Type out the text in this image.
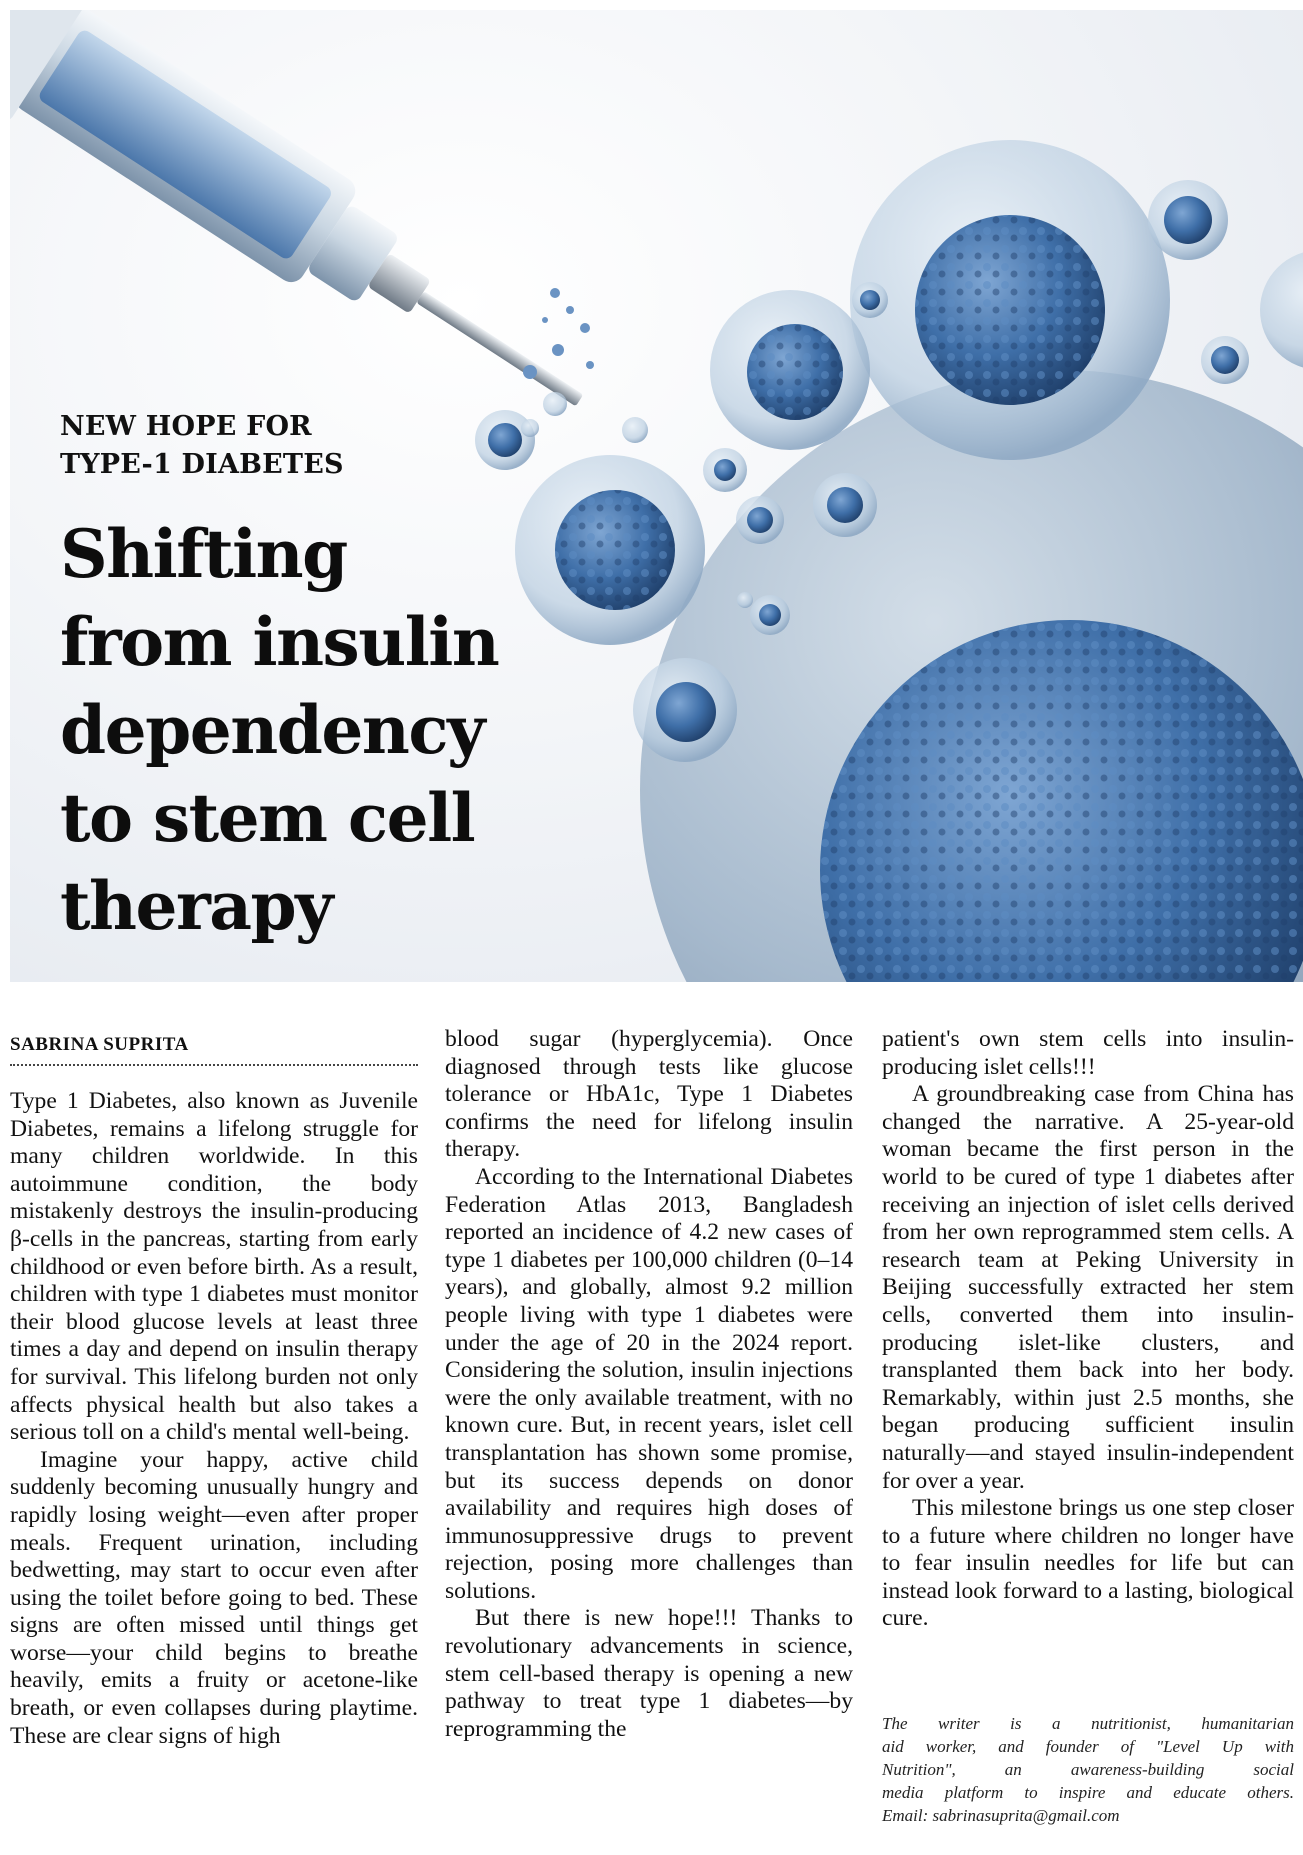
NEW HOPE FOR
TYPE-1 DIABETES
Shifting
from insulin
dependency
to stem cell
therapy
SABRINA SUPRITA

Type 1 Diabetes, also known as Juvenile Diabetes, remains a lifelong struggle for many children worldwide. In this autoimmune condition, the body mistakenly destroys the insulin-producing β-cells in the pancreas, starting from early childhood or even before birth. As a result, children with type 1 diabetes must monitor their blood glucose levels at least three times a day and depend on insulin therapy for survival. This lifelong burden not only affects physical health but also takes a serious toll on a child's mental well-being.

Imagine your happy, active child suddenly becoming unusually hungry and rapidly losing weight—even after proper meals. Frequent urination, including bedwetting, may start to occur even after using the toilet before going to bed. These signs are often missed until things get worse—your child begins to breathe heavily, emits a fruity or acetone-like breath, or even collapses during playtime. These are clear signs of high

blood sugar (hyperglycemia). Once diagnosed through tests like glucose tolerance or HbA1c, Type 1 Diabetes confirms the need for lifelong insulin therapy.

According to the International Diabetes Federation Atlas 2013, Bangladesh reported an incidence of 4.2 new cases of type 1 diabetes per 100,000 children (0–14 years), and globally, almost 9.2 million people living with type 1 diabetes were under the age of 20 in the 2024 report. Considering the solution, insulin injections were the only available treatment, with no known cure. But, in recent years, islet cell transplantation has shown some promise, but its success depends on donor availability and requires high doses of immunosuppressive drugs to prevent rejection, posing more challenges than solutions.

But there is new hope!!! Thanks to revolutionary advancements in science, stem cell-based therapy is opening a new pathway to treat type 1 diabetes—by reprogramming the

patient's own stem cells into insulin-producing islet cells!!!

A groundbreaking case from China has changed the narrative. A 25-year-old woman became the first person in the world to be cured of type 1 diabetes after receiving an injection of islet cells derived from her own reprogrammed stem cells. A research team at Peking University in Beijing successfully extracted her stem cells, converted them into insulin-producing islet-like clusters, and transplanted them back into her body. Remarkably, within just 2.5 months, she began producing sufficient insulin naturally—and stayed insulin-independent for over a year.

This milestone brings us one step closer to a future where children no longer have to fear insulin needles for life but can instead look forward to a lasting, biological cure.

The writer is a nutritionist, humanitarian
aid worker, and founder of "Level Up with
Nutrition", an awareness-building social
media platform to inspire and educate others.
Email: sabrinasuprita@gmail.com
